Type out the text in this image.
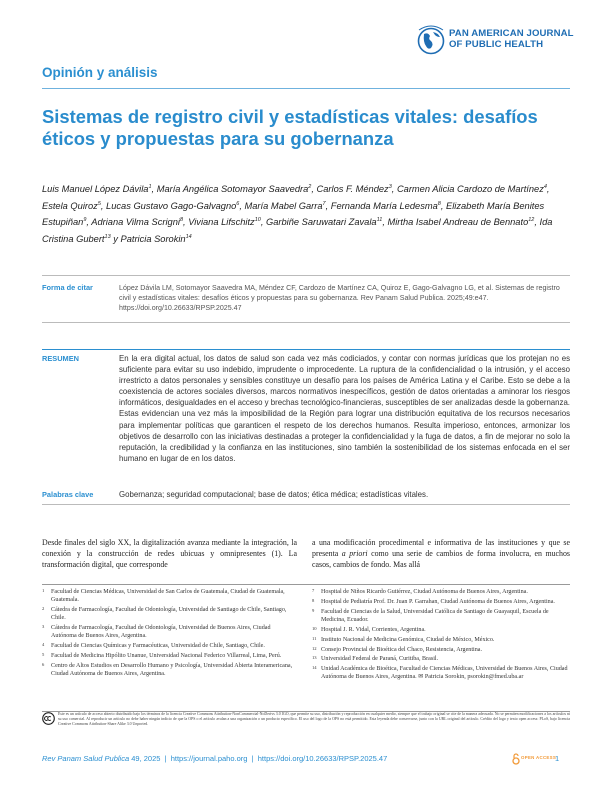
PAN AMERICAN JOURNAL
OF PUBLIC HEALTH
Opinión y análisis
Sistemas de registro civil y estadísticas vitales: desafíos éticos y propuestas para su gobernanza
Luis Manuel López Dávila$^1$, María Angélica Sotomayor Saavedra$^2$, Carlos F. Méndez$^3$, Carmen Alicia Cardozo de Martínez$^4$, Estela Quiroz$^5$, Lucas Gustavo Gago-Galvagno$^6$, María Mabel Garra$^7$, Fernanda María Ledesma$^8$, Elizabeth María Benites Estupiñan$^9$, Adriana Vilma Scrigni$^8$, Viviana Lifschitz$^{10}$, Garbiñe Saruwatari Zavala$^{11}$, Mirtha Isabel Andreau de Bennato$^{12}$, Ida Cristina Gubert$^{13}$ y Patricia Sorokin$^{14}$
Forma de citar	López Dávila LM, Sotomayor Saavedra MA, Méndez CF, Cardozo de Martínez CA, Quiroz E, Gago-Galvagno LG, et al. Sistemas de registro civil y estadísticas vitales: desafíos éticos y propuestas para su gobernanza. Rev Panam Salud Publica. 2025;49:e47. https://doi.org/10.26633/RPSP.2025.47
RESUMEN	En la era digital actual, los datos de salud son cada vez más codiciados, y contar con normas jurídicas que los protejan no es suficiente para evitar su uso indebido, imprudente o improcedente. La ruptura de la confidencialidad o la intrusión, y el acceso irrestricto a datos personales y sensibles constituye un desafío para los países de América Latina y el Caribe. Esto se debe a la coexistencia de actores sociales diversos, marcos normativos inespecíficos, gestión de datos orientadas a aminorar los riesgos informáticos, desigualdades en el acceso y brechas tecnológico-financieras, susceptibles de ser analizadas desde la gobernanza. Estas evidencian una vez más la imposibilidad de la Región para lograr una distribución equitativa de los recursos necesarios para implementar políticas que garanticen el respeto de los derechos humanos. Resulta imperioso, entonces, armonizar los objetivos de desarrollo con las iniciativas destinadas a proteger la confidencialidad y la fuga de datos, a fin de mejorar no solo la reputación, la credibilidad y la confianza en las instituciones, sino también la sostenibilidad de los sistemas enfocada en el ser humano en lugar de en los datos.
Palabras clave	Gobernanza; seguridad computacional; base de datos; ética médica; estadísticas vitales.
Desde finales del siglo XX, la digitalización avanza mediante la integración, la conexión y la construcción de redes ubicuas y omnipresentes (1). La transformación digital, que corresponde
a una modificación procedimental e informativa de las instituciones y que se presenta a priori como una serie de cambios de forma involucra, en muchos casos, cambios de fondo. Mas allá
1 Facultad de Ciencias Médicas, Universidad de San Carlos de Guatemala, Ciudad de Guatemala, Guatemala.
2 Cátedra de Farmacología, Facultad de Odontología, Universidad de Santiago de Chile, Santiago, Chile.
3 Cátedra de Farmacología, Facultad de Odontología, Universidad de Buenos Aires, Ciudad Autónoma de Buenos Aires, Argentina.
4 Facultad de Ciencias Químicas y Farmacéuticas, Universidad de Chile, Santiago, Chile.
5 Facultad de Medicina Hipólito Unanue, Universidad Nacional Federico Villarreal, Lima, Perú.
6 Centro de Altos Estudios en Desarrollo Humano y Psicología, Universidad Abierta Interamericana, Ciudad Autónoma de Buenos Aires, Argentina.
7 Hospital de Niños Ricardo Gutiérrez, Ciudad Autónoma de Buenos Aires, Argentina.
8 Hospital de Pediatría Prof. Dr. Juan P. Garrahan, Ciudad Autónoma de Buenos Aires, Argentina.
9 Facultad de Ciencias de la Salud, Universidad Católica de Santiago de Guayaquil, Escuela de Medicina, Ecuador.
10 Hospital J. R. Vidal, Corrientes, Argentina.
11 Instituto Nacional de Medicina Genómica, Ciudad de México, México.
12 Consejo Provincial de Bioética del Chaco, Resistencia, Argentina.
13 Universidad Federal de Paraná, Curitiba, Brasil.
14 Unidad Académica de Bioética, Facultad de Ciencias Médicas, Universidad de Buenos Aires, Ciudad Autónoma de Buenos Aires, Argentina. ✉ Patricia Sorokin, psorokin@fmed.uba.ar
Este es un artículo de acceso abierto distribuido bajo los términos de la licencia Creative Commons Attribution-NonCommercial-NoDerivs 3.0 IGO, que permite su uso, distribución y reproducción en cualquier medio, siempre que el trabajo original se cite de la manera adecuada. No se permiten modificaciones a los artículos ni su uso comercial. Al reproducir un artículo no debe haber ningún indicio de que la OPS o el artículo avalan a una organización o un producto específico. El uso del logo de la OPS no está permitido. Esta leyenda debe conservarse, junto con la URL original del artículo. Crédito del logo y texto open access: PLoS, bajo licencia Creative Commons Attribution-Share Alike 3.0 Unported.
Rev Panam Salud Publica 49, 2025  |  https://journal.paho.org  |  https://doi.org/10.26633/RPSP.2025.47	OPEN ACCESS
1
